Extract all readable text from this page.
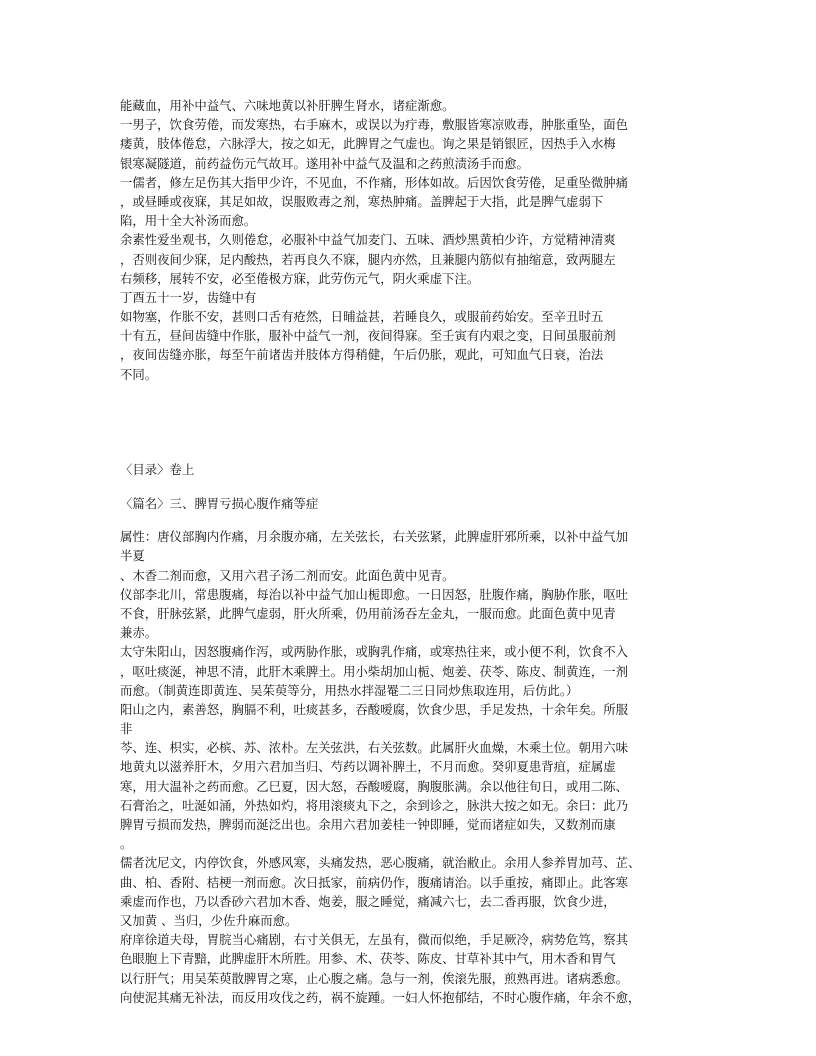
能藏血，用补中益气、六味地黄以补肝脾生肾水，诸症渐愈。
一男子，饮食劳倦，而发寒热，右手麻木，或误以为疔毒，敷服皆寒凉败毒，肿胀重坠，面色
痿黄，肢体倦怠，六脉浮大，按之如无，此脾胃之气虚也。询之果是销银匠，因热手入水梅
银寒凝隧道，前药益伤元气故耳。遂用补中益气及温和之药煎渍汤手而愈。
一儒者，修左足伤其大指甲少许，不见血，不作痛，形体如故。后因饮食劳倦，足重坠微肿痛
，或昼睡或夜寐，其足如故，误服败毒之剂，寒热肿痛。盖脾起于大指，此是脾气虚弱下
陷，用十全大补汤而愈。
余素性爱坐观书，久则倦怠，必服补中益气加麦门、五味、酒炒黑黄柏少许，方觉精神清爽
，否则夜间少寐，足内酸热，若再良久不寐，腿内亦然，且兼腿内筋似有抽缩意，致两腿左
右频移，展转不安，必至倦极方寐，此劳伤元气，阴火乘虚下注。
丁酉五十一岁，齿缝中有
如物塞，作胀不安，甚则口舌有疮然，日晡益甚，若睡良久，或服前药始安。至辛丑时五
十有五，昼间齿缝中作胀，服补中益气一剂，夜间得寐。至壬寅有内艰之变，日间虽服前剂
，夜间齿缝亦胀，每至午前诸齿并肢体方得稍健，午后仍胀，观此，可知血气日衰，治法
不同。
〈目录〉卷上
〈篇名〉三、脾胃亏损心腹作痛等症
属性：唐仪部胸内作痛，月余腹亦痛，左关弦长，右关弦紧，此脾虚肝邪所乘，以补中益气加
半夏
、木香二剂而愈，又用六君子汤二剂而安。此面色黄中见青。
仪部李北川，常患腹痛，每治以补中益气加山栀即愈。一日因怒，肚腹作痛，胸胁作胀，呕吐
不食，肝脉弦紧，此脾气虚弱，肝火所乘，仍用前汤吞左金丸，一服而愈。此面色黄中见青
兼赤。
太守朱阳山，因怒腹痛作泻，或两胁作胀，或胸乳作痛，或寒热往来，或小便不利，饮食不入
，呕吐痰涎，神思不清，此肝木乘脾土。用小柴胡加山栀、炮姜、茯苓、陈皮、制黄连，一剂
而愈。（制黄连即黄连、吴茱萸等分，用热水拌湿罨二三日同炒焦取连用，后仿此。）
阳山之内，素善怒，胸膈不利，吐痰甚多，吞酸嗳腐，饮食少思，手足发热，十余年矣。所服
非
芩、连、枳实，必槟、苏、浓朴。左关弦洪，右关弦数。此属肝火血燥，木乘土位。朝用六味
地黄丸以滋养肝木，夕用六君加当归、芍药以调补脾土，不月而愈。癸卯夏患背疽，症属虚
寒，用大温补之药而愈。乙巳夏，因大怒，吞酸嗳腐，胸腹胀满。余以他往旬日，或用二陈、
石膏治之，吐涎如涌，外热如灼，将用滚痰丸下之，余到诊之，脉洪大按之如无。余曰：此乃
脾胃亏损而发热，脾弱而涎泛出也。余用六君加姜桂一钟即睡，觉而诸症如失，又数剂而康
。
儒者沈尼文，内停饮食，外感风寒，头痛发热，恶心腹痛，就治敝止。余用人参养胃加芎、芷、
曲、柏、香附、桔梗一剂而愈。次日抵家，前病仍作，腹痛请治。以手重按，痛即止。此客寒
乘虚而作也，乃以香砂六君加木香、炮姜，服之睡觉，痛减六七，去二香再服，饮食少进，
又加黄 、当归，少佐升麻而愈。
府庠徐道夫母，胃脘当心痛剧，右寸关俱无，左虽有，微而似绝，手足厥冷，病势危笃，察其
色眼胞上下青黯，此脾虚肝木所胜。用参、术、茯苓、陈皮、甘草补其中气，用木香和胃气
以行肝气；用吴茱萸散脾胃之寒，止心腹之痛。急与一剂，俟滚先服，煎熟再进。诸病悉愈。
向使泥其痛无补法，而反用攻伐之药，祸不旋踵。一妇人怀抱郁结，不时心腹作痛，年余不愈，
